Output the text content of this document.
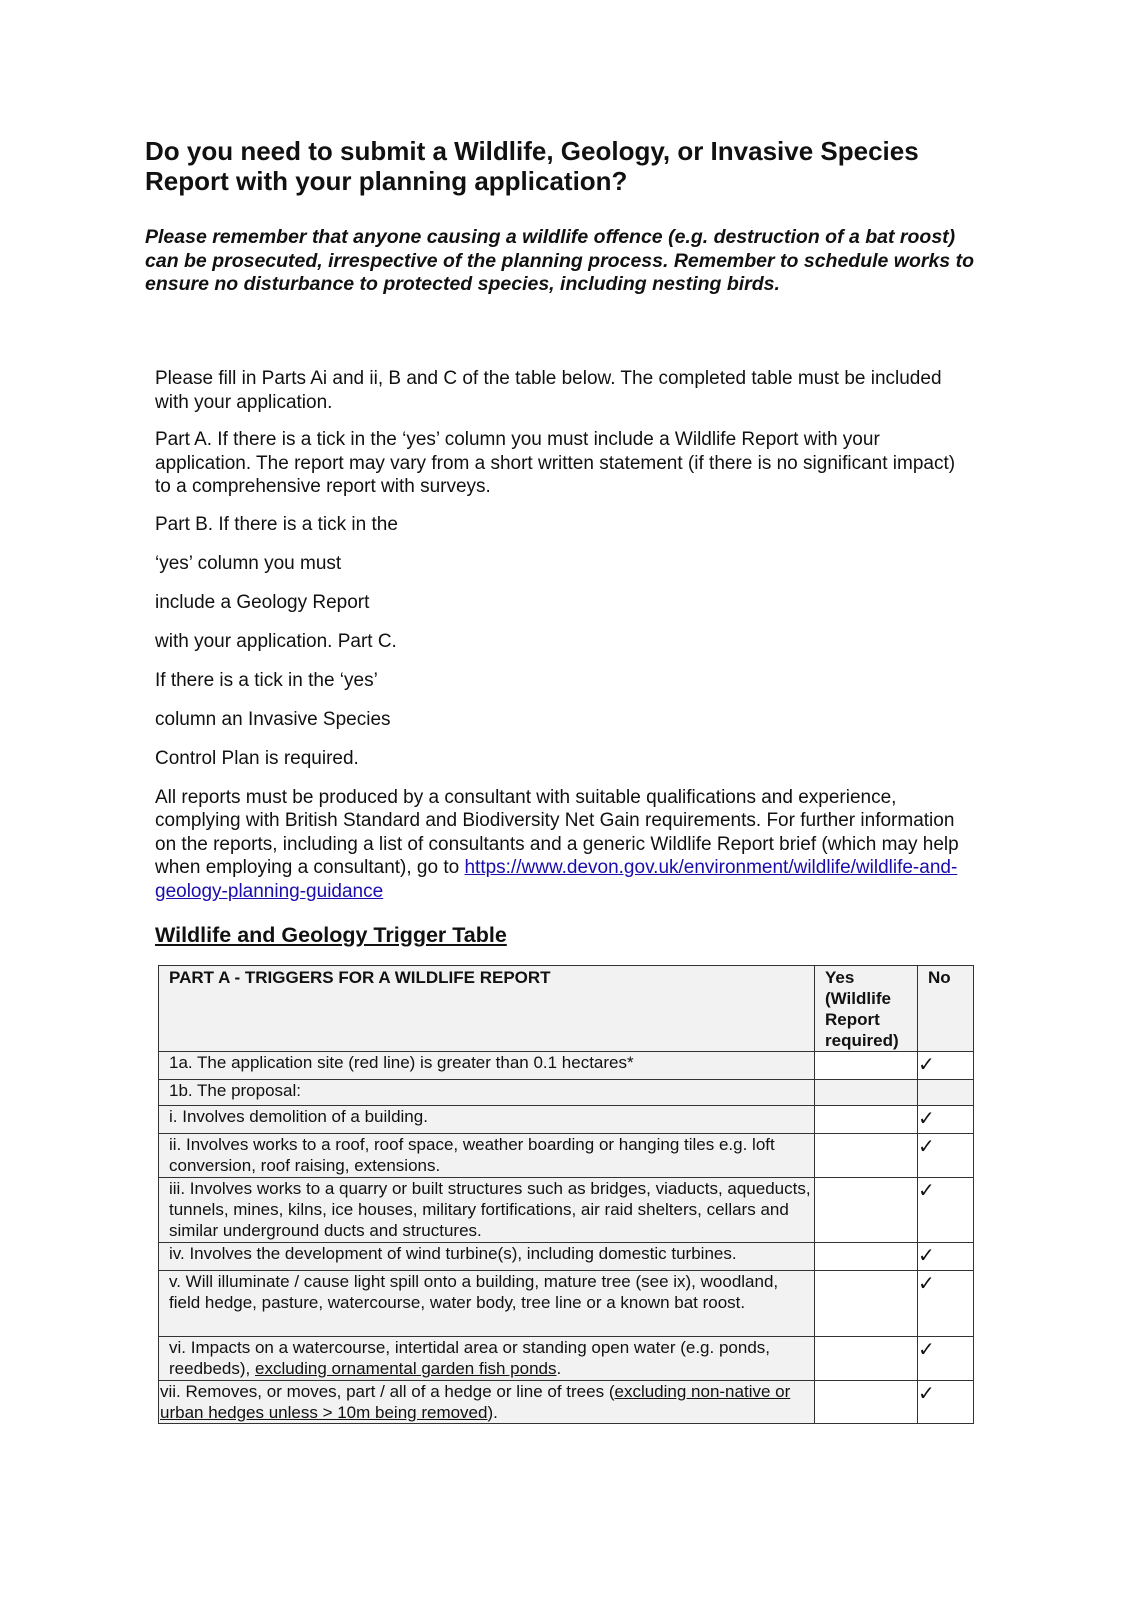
Do you need to submit a Wildlife, Geology, or Invasive Species Report with your planning application?

Please remember that anyone causing a wildlife offence (e.g. destruction of a bat roost) can be prosecuted, irrespective of the planning process. Remember to schedule works to ensure no disturbance to protected species, including nesting birds.

Please fill in Parts Ai and ii, B and C of the table below. The completed table must be included with your application.

Part A. If there is a tick in the ‘yes’ column you must include a Wildlife Report with your application. The report may vary from a short written statement (if there is no significant impact) to a comprehensive report with surveys.

Part B. If there is a tick in the

‘yes’ column you must

include a Geology Report

with your application. Part C.

If there is a tick in the ‘yes’

column an Invasive Species

Control Plan is required.

All reports must be produced by a consultant with suitable qualifications and experience, complying with British Standard and Biodiversity Net Gain requirements. For further information on the reports, including a list of consultants and a generic Wildlife Report brief (which may help when employing a consultant), go to https://www.devon.gov.uk/environment/wildlife/wildlife-and-geology-planning-guidance

Wildlife and Geology Trigger Table
PART A - TRIGGERS FOR A WILDLIFE REPORT	Yes (Wildlife Report required)	No
1a. The application site (red line) is greater than 0.1 hectares*		✓
1b. The proposal:		
i. Involves demolition of a building.		✓
ii. Involves works to a roof, roof space, weather boarding or hanging tiles e.g. loft conversion, roof raising, extensions.		✓
iii. Involves works to a quarry or built structures such as bridges, viaducts, aqueducts, tunnels, mines, kilns, ice houses, military fortifications, air raid shelters, cellars and similar underground ducts and structures.		✓
iv. Involves the development of wind turbine(s), including domestic turbines.		✓
v. Will illuminate / cause light spill onto a building, mature tree (see ix), woodland, field hedge, pasture, watercourse, water body, tree line or a known bat roost.		✓
vi. Impacts on a watercourse, intertidal area or standing open water (e.g. ponds, reedbeds), excluding ornamental garden fish ponds.		✓
vii. Removes, or moves, part / all of a hedge or line of trees (excluding non-native or urban hedges unless > 10m being removed).		✓
